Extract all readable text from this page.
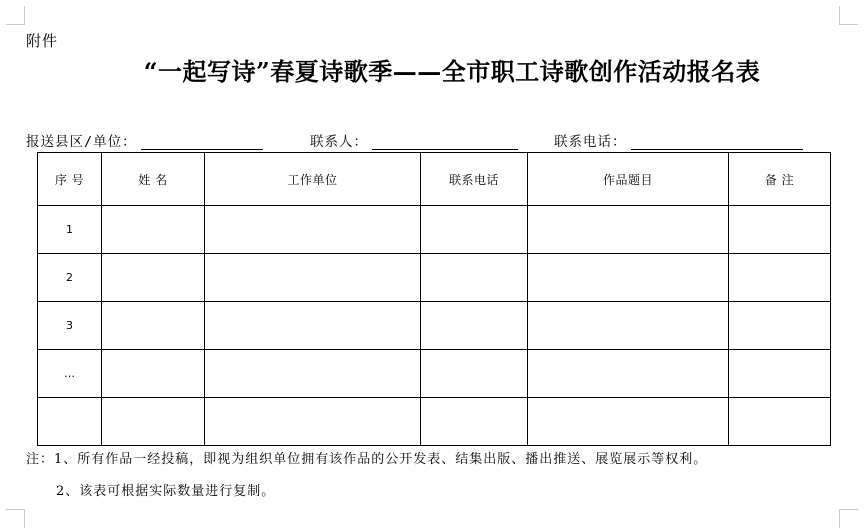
附件
“一起写诗”春夏诗歌季——全市职工诗歌创作活动报名表
报送县区/单位：	联系人：	联系电话：
序 号	姓 名	工作单位	联系电话	作品题目	备 注
1					
2					
3					
…					

注：1、所有作品一经投稿，即视为组织单位拥有该作品的公开发表、结集出版、播出推送、展览展示等权利。
2、该表可根据实际数量进行复制。
